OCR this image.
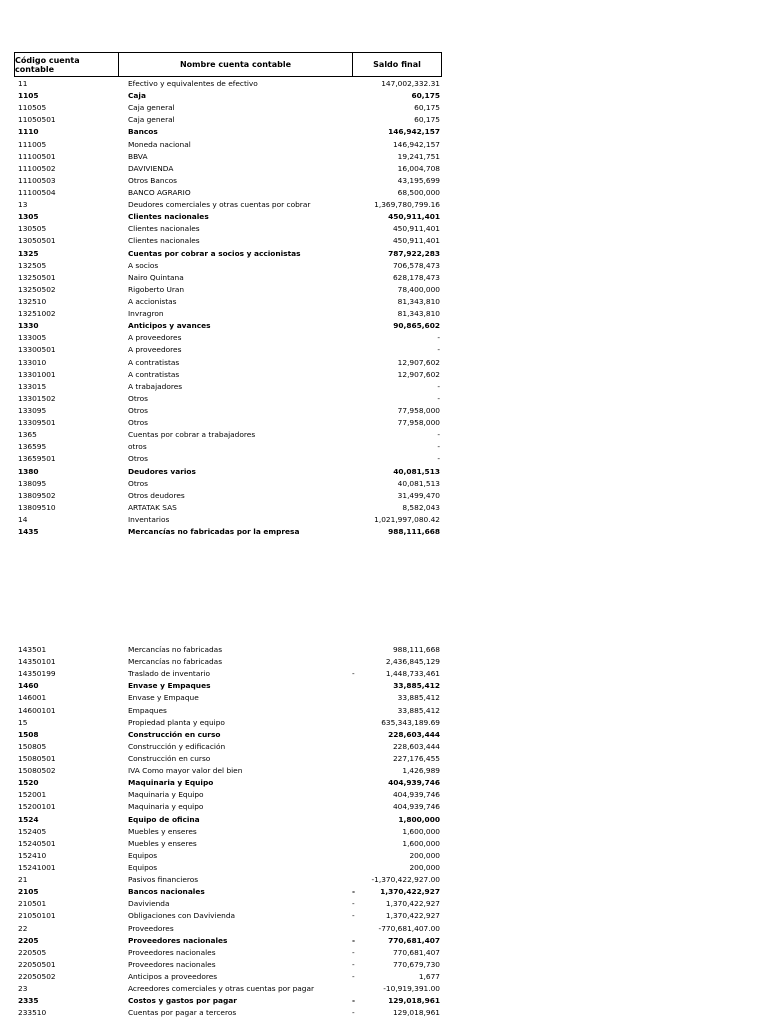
Código cuenta contable	Nombre cuenta contable	Saldo final
11	Efectivo y equivalentes de efectivo	147,002,332.31
1105	Caja	60,175
110505	Caja general	60,175
11050501	Caja general	60,175
1110	Bancos	146,942,157
111005	Moneda nacional	146,942,157
11100501	BBVA	19,241,751
11100502	DAVIVIENDA	16,004,708
11100503	Otros Bancos	43,195,699
11100504	BANCO AGRARIO	68,500,000
13	Deudores comerciales y otras cuentas por cobrar	1,369,780,799.16
1305	Clientes nacionales	450,911,401
130505	Clientes nacionales	450,911,401
13050501	Clientes nacionales	450,911,401
1325	Cuentas por cobrar a socios y accionistas	787,922,283
132505	A socios	706,578,473
13250501	Nairo Quintana	628,178,473
13250502	Rigoberto Uran	78,400,000
132510	A accionistas	81,343,810
13251002	Invragron	81,343,810
1330	Anticipos y avances	90,865,602
133005	A proveedores	-
13300501	A proveedores	-
133010	A contratistas	12,907,602
13301001	A contratistas	12,907,602
133015	A trabajadores	-
13301502	Otros	-
133095	Otros	77,958,000
13309501	Otros	77,958,000
1365	Cuentas por cobrar a trabajadores	-
136595	otros	-
13659501	Otros	-
1380	Deudores varios	40,081,513
138095	Otros	40,081,513
13809502	Otros deudores	31,499,470
13809510	ARTATAK SAS	8,582,043
14	Inventarios	1,021,997,080.42
1435	Mercancías no fabricadas por la empresa	988,111,668
143501	Mercancías no fabricadas	988,111,668
14350101	Mercancías no fabricadas	2,436,845,129
14350199	Traslado de inventario	-	1,448,733,461
1460	Envase y Empaques	33,885,412
146001	Envase y Empaque	33,885,412
14600101	Empaques	33,885,412
15	Propiedad planta y equipo	635,343,189.69
1508	Construcción en curso	228,603,444
150805	Construcción y edificación	228,603,444
15080501	Construcción en curso	227,176,455
15080502	IVA Como mayor valor del bien	1,426,989
1520	Maquinaria y Equipo	404,939,746
152001	Maquinaria y Equipo	404,939,746
15200101	Maquinaria y equipo	404,939,746
1524	Equipo de oficina	1,800,000
152405	Muebles y enseres	1,600,000
15240501	Muebles y enseres	1,600,000
152410	Equipos	200,000
15241001	Equipos	200,000
21	Pasivos financieros	-1,370,422,927.00
2105	Bancos nacionales	-	1,370,422,927
210501	Davivienda	-	1,370,422,927
21050101	Obligaciones con Davivienda	-	1,370,422,927
22	Proveedores	-770,681,407.00
2205	Proveedores nacionales	-	770,681,407
220505	Proveedores nacionales	-	770,681,407
22050501	Proveedores nacionales	-	770,679,730
22050502	Anticipos a proveedores	-	1,677
23	Acreedores comerciales y otras cuentas por pagar	-10,919,391.00
2335	Costos y gastos por pagar	-	129,018,961
233510	Cuentas por pagar a terceros	-	129,018,961
